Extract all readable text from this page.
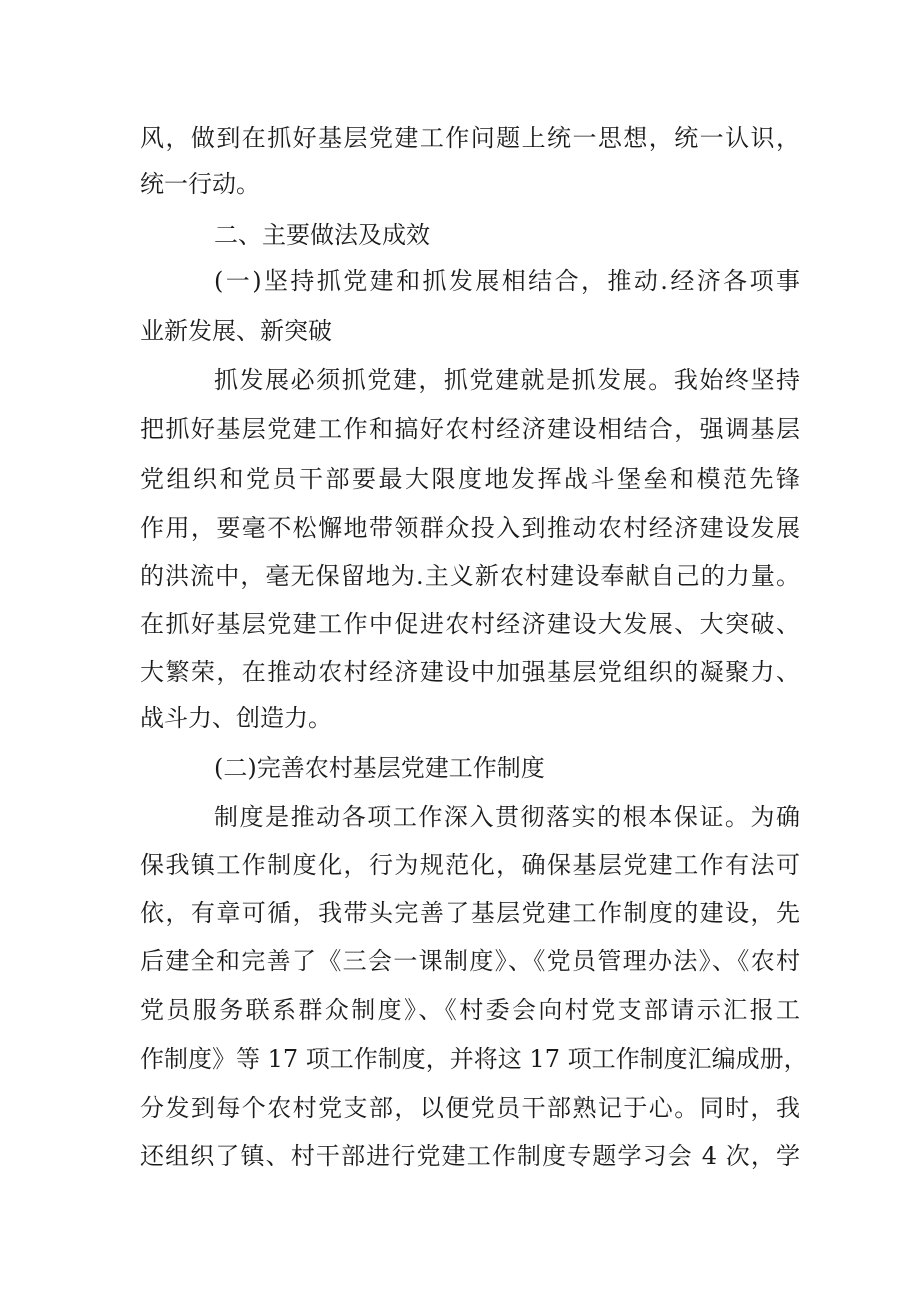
风，做到在抓好基层党建工作问题上统一思想，统一认识，
统一行动。
二、主要做法及成效
(一)坚持抓党建和抓发展相结合，推动.经济各项事
业新发展、新突破
抓发展必须抓党建，抓党建就是抓发展。我始终坚持
把抓好基层党建工作和搞好农村经济建设相结合，强调基层
党组织和党员干部要最大限度地发挥战斗堡垒和模范先锋
作用，要毫不松懈地带领群众投入到推动农村经济建设发展
的洪流中，毫无保留地为.主义新农村建设奉献自己的力量。
在抓好基层党建工作中促进农村经济建设大发展、大突破、
大繁荣，在推动农村经济建设中加强基层党组织的凝聚力、
战斗力、创造力。
(二)完善农村基层党建工作制度
制度是推动各项工作深入贯彻落实的根本保证。为确
保我镇工作制度化，行为规范化，确保基层党建工作有法可
依，有章可循，我带头完善了基层党建工作制度的建设，先
后建全和完善了《三会一课制度》、《党员管理办法》、《农村
党员服务联系群众制度》、《村委会向村党支部请示汇报工
作制度》等 17 项工作制度，并将这 17 项工作制度汇编成册，
分发到每个农村党支部，以便党员干部熟记于心。同时，我
还组织了镇、村干部进行党建工作制度专题学习会 4 次，学
